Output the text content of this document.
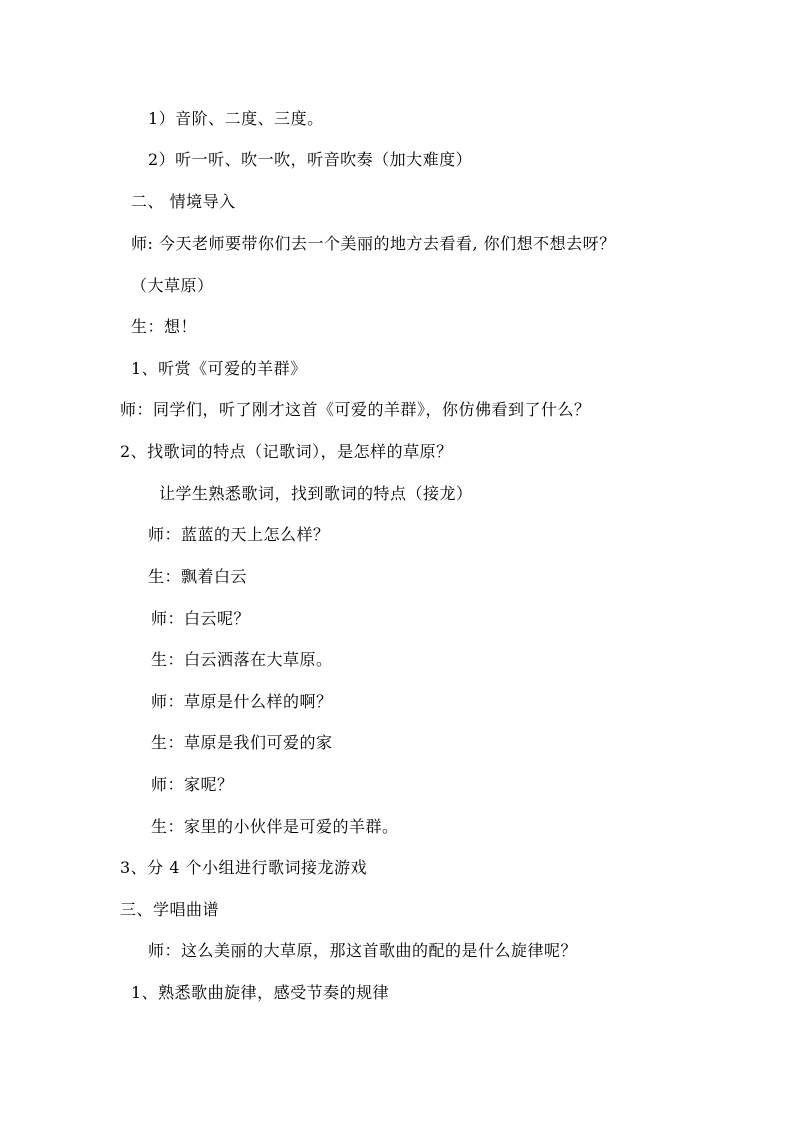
1）音阶、二度、三度。
2）听一听、吹一吹，听音吹奏（加大难度）
二、 情境导入
师: 今天老师要带你们去一个美丽的地方去看看, 你们想不想去呀？
（大草原）
生：想！
1、听赏《可爱的羊群》
师：同学们，听了刚才这首《可爱的羊群》，你仿佛看到了什么？
2、找歌词的特点（记歌词），是怎样的草原？
让学生熟悉歌词，找到歌词的特点（接龙）
师：蓝蓝的天上怎么样？
生：飘着白云
师：白云呢？
生：白云洒落在大草原。
师：草原是什么样的啊？
生：草原是我们可爱的家
师：家呢？
生：家里的小伙伴是可爱的羊群。
3、分 4 个小组进行歌词接龙游戏
三、学唱曲谱
师：这么美丽的大草原，那这首歌曲的配的是什么旋律呢？
1、熟悉歌曲旋律，感受节奏的规律
